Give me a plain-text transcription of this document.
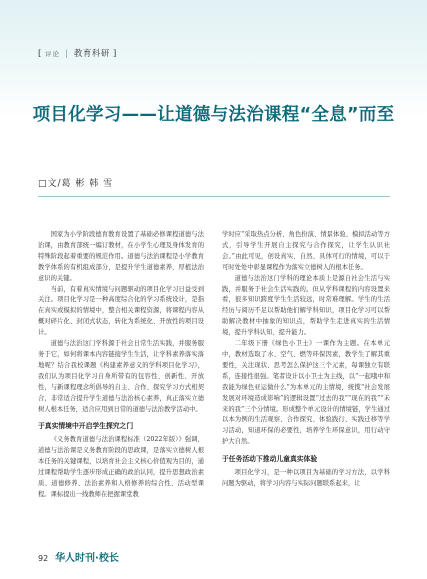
[ 评论 | 教育科研 ]
项目化学习——让道德与法治课程“全息”而至
□文/葛 彬 韩 雪

国家为小学阶段德育教育设置了基础必修课程道德与法治课，由教育部统一编订教材，在小学生心理及身体发育的特殊阶段起着重要的规范作用。道德与法治课程是小学教育教学体系的有机组成部分，是提升学生道德素养、厚植法治意识的关键。

当前，有着真实情境与问题驱动的项目化学习日益受到关注。项目化学习是一种高度综合化的学习系统设计，是指在真实或模拟的情境中，整合相关课程资源，将课程内容从概对碎片化、封闭式状态，转化为系统化、开放性的项目设计。

道德与法治这门学科源于社会日常生活实践，并服务服务于它，如何将课本内容链接学生生活，让学科素养落实落地呢？结合我校课题《构建素养意义的学科项目化学习》，我们认为项目化学习自身所带有的包容性、创新性、开放性，与新课程理念所倡导的自主、合作、探究学习方式相契合，非常适合提升学生道德与法治核心素养，真正落实立德树人根本任务，适合应用到日常的道德与法治教学活动中。

于真实情境中开启学生探究之门

《义务教育道德与法治课程标准（2022年版）》强调，道德与法治课是义务教育阶段的思政课，是落实立德树人根本任务的关键课程，以培育社会主义核心价值观为目的，通过课程帮助学生逐步形成正确的政治认同，提升思想政治素质、道德修养、法治素养和人格修养的综合性、活动型课程。课标提出一线教师在把握课堂教

学时应“采取热点分析、角色扮演、情景体验、模拟活动等方式，引导学生开展自主探究与合作探究，让学生认识社会。”由此可见，创设真实、自然、具体可行的情境，可以于可时处处中彰显课程作为落实立德树人的根本任务。

道德与法治这门学科的理论本质上是源自社会生活与实践，并服务于社会生活实践的。但从学科课程的内容设置来看，很多知识跨度学生生活较远，时常难理解。学生的生活经历与阅历不足以帮助他们解学科知识，项目化学习可以帮助解决教材中抽象的知识点，帮助学生走进真实的生活情境，提升学科认知、提升能力。

二年级下册《绿色小卫士》一课作为主题。在本单元中，教材选取了水、空气、燃等环保因素，教学生了解其重要性，关注现状、思考怎么保护这三个元素，每课独立有联系，连接性很强。笔者设计以小卫士为主线，以“一起哦中和 我能为绿色亚运做什么”为本单元的主情境，统揽“社会发展发展对环境造成影响”的逻辑设置“过去的我”“现在的我”“未来的我”三个分情境。形成整个单元设计的情境链，学生通过以本为例的生活观察、合作探究、体验践行、实践迁移等学习活动，知道环保的必要性，培养学生环保意识，用行动守护大自然。

于任务活动下推动儿童真实体验

项目化学习，是一种以项目为基础的学习方法，以学科问题为驱动，将学习内容与实际问题联系起来，让

92 华人时刊·校长
